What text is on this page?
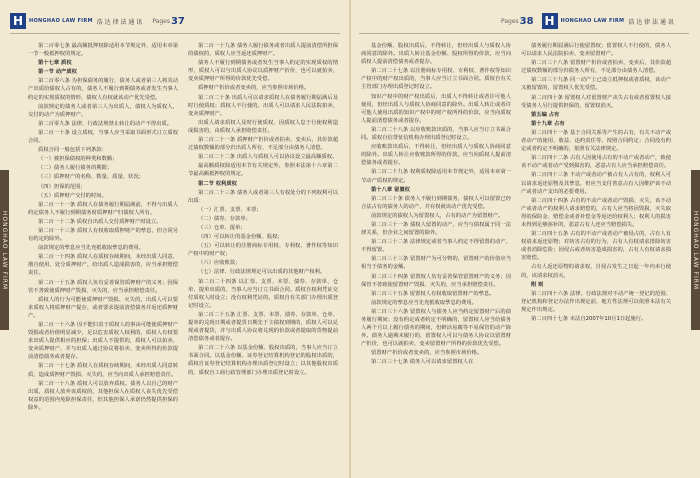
H	HONGHAO LAW FIRM 浩 达 律 法 通 讯 Pages 37
HONGHAO LAW FIRM

第二百零七条 最高额抵押权除适用本节规定外，适用本章第一节一般抵押权的规定。

第十七章 质权

第一节 动产质权

第二百零八条 为担保债务的履行，债务人或者第三人将其动产出质给债权人占有的，债务人不履行到期债务或者发生当事人约定的实现质权的情形，债权人有权就该动产优先受偿。

前款规定的债务人或者第三人为出质人，债权人为质权人，交付的动产为质押财产。

第二百零九条 法律、行政法规禁止转让的动产不得出质。

第二百一十条 设立质权，当事人应当采取书面形式订立质权合同。

质权合同一般包括下列条款：

（一）被担保债权的种类和数额；

（二）债务人履行债务的期限；

（三）质押财产的名称、数量、质量、状况；

（四）担保的范围；

（五）质押财产交付的时间。

第二百一十一条 质权人在债务履行期届满前，不得与出质人约定债务人不履行到期债务时质押财产归债权人所有。

第二百一十二条 质权自出质人交付质押财产时设立。

第二百一十三条 质权人有权收取质押财产的孳息，但合同另有约定的除外。

前款规定的孳息应当先充抵收取孳息的费用。

第二百一十四条 质权人在质权存续期间，未经出质人同意，擅自使用、处分质押财产，给出质人造成损害的，应当承担赔偿责任。

第二百一十五条 质权人负有妥善保管质押财产的义务；因保管不善致使质押财产毁损、灭失的，应当承担赔偿责任。

质权人的行为可能使质押财产毁损、灭失的，出质人可以要求质权人将质押财产提存，或者要求提前清偿债务并返还质押财产。

第二百一十六条 因不能归责于质权人的事由可能使质押财产毁损或者价值明显减少，足以危害质权人权利的，质权人有权要求出质人提供相应的担保；出质人不提供的，质权人可以拍卖、变卖质押财产，并与出质人通过协议将拍卖、变卖所得的价款提前清偿债务或者提存。

第二百一十七条 质权人在质权存续期间，未经出质人同意转质，造成质押财产毁损、灭失的，应当向出质人承担赔偿责任。

第二百一十八条 质权人可以放弃质权。债务人以自己的财产出质，质权人放弃该质权的，其他担保人在质权人丧失优先受偿权益的范围内免除担保责任，但其他担保人承诺仍然提供担保的除外。

第二百一十九条 债务人履行债务或者出质人提前清偿所担保的债权的，质权人应当返还质押财产。

债务人不履行到期债务或者发生当事人约定的实现质权的情形，质权人可以与出质人协议以质押财产折价，也可以就拍卖、变卖质押财产所得的价款优先受偿。

质押财产折价或者变卖的，应当参照市场价格。

第二百二十条 出质人可以请求质权人在债务履行期届满后及时行使质权；质权人不行使的，出质人可以请求人民法院拍卖、变卖质押财产。

出质人请求质权人及时行使质权，因质权人怠于行使权利造成损害的，由质权人承担赔偿责任。

第二百二十一条 质押财产折价或者拍卖、变卖后，其价款超过债权数额的部分归出质人所有，不足部分由债务人清偿。

第二百二十二条 出质人与质权人可以协议设立最高额质权。

最高额质权除适用本节有关规定外，参照本法第十六章第二节最高额抵押权的规定。

第二节 权利质权

第二百二十三条 债务人或者第三人有权处分的下列权利可以出质：

（一）汇票、支票、本票；

（二）债券、存款单；

（三）仓单、提单；

（四）可以转让的基金份额、股权；

（五）可以转让的注册商标专用权、专利权、著作权等知识产权中的财产权；

（六）应收账款；

（七）法律、行政法规规定可以出质的其他财产权利。

第二百二十四条 以汇票、支票、本票、债券、存款单、仓单、提单出质的，当事人应当订立书面合同。质权自权利凭证交付质权人时设立；没有权利凭证的，质权自有关部门办理出质登记时设立。

第二百二十五条 汇票、支票、本票、债券、存款单、仓单、提单的兑现日期或者提货日期先于主债权到期的，质权人可以兑现或者提货，并与出质人协议将兑现的价款或者提取的货物提前清偿债务或者提存。

第二百二十六条 以基金份额、股权出质的，当事人应当订立书面合同。以基金份额、证券登记结算机构登记的股权出质的，质权自证券登记结算机构办理出质登记时设立；以其他股权出质的，质权自工商行政管理部门办理出质登记时设立。

Pages 38 H	HONGHAO LAW FIRM 浩 达 律 法 通 讯
HONGHAO LAW FIRM

基金份额、股权出质后，不得转让，但经出质人与质权人协商同意的除外。出质人转让基金份额、股权所得的价款，应当向质权人提前清偿债务或者提存。

第二百二十七条 以注册商标专用权、专利权、著作权等知识产权中的财产权出质的，当事人应当订立书面合同。质权自有关主管部门办理出质登记时设立。

知识产权中的财产权出质后，出质人不得转让或者许可他人使用，但经出质人与质权人协商同意的除外。出质人转让或者许可他人使用出质的知识产权中的财产权所得的价款，应当向质权人提前清偿债务或者提存。

第二百二十八条 以应收账款出质的，当事人应当订立书面合同。质权自信贷征信机构办理出质登记时设立。

应收账款出质后，不得转让，但经出质人与质权人协商同意的除外。出质人转让应收账款所得的价款，应当向质权人提前清偿债务或者提存。

第二百二十九条 权利质权除适用本节规定外，适用本章第一节动产质权的规定。

第十八章 留置权

第二百三十条 债务人不履行到期债务，债权人可以留置已经合法占有的债务人的动产，并有权就该动产优先受偿。

前款规定的债权人为留置权人，占有的动产为留置财产。

第二百三十一条 债权人留置的动产，应当与债权属于同一法律关系，但企业之间留置的除外。

第二百三十二条 法律规定或者当事人约定不得留置的动产，不得留置。

第二百三十三条 留置财产为可分物的，留置财产的价值应当相当于债务的金额。

第二百三十四条 留置权人负有妥善保管留置财产的义务；因保管不善致使留置财产毁损、灭失的，应当承担赔偿责任。

第二百三十五条 留置权人有权收取留置财产的孳息。

前款规定的孳息应当先充抵收取孳息的费用。

第二百三十六条 留置权人与债务人应当约定留置财产后的债务履行期间；没有约定或者约定不明确的，留置权人应当给债务人两个月以上履行债务的期间，但鲜活易腐等不易保管的动产除外。债务人逾期未履行的，留置权人可以与债务人协议以留置财产折价，也可以就拍卖、变卖留置财产所得的价款优先受偿。

留置财产折价或者变卖的，应当参照市场价格。

第二百三十七条 债务人可以请求留置权人在

债务履行期届满后行使留置权；留置权人不行使的，债务人可以请求人民法院拍卖、变卖留置财产。

第二百三十八条 留置财产折价或者拍卖、变卖后，其价款超过债权数额的部分归债务人所有，不足部分由债务人清偿。

第二百三十九条 同一动产上已设立抵押权或者质权，该动产又被留置的，留置权人优先受偿。

第二百四十条 留置权人对留置财产丧失占有或者留置权人接受债务人另行提供担保的，留置权消灭。

第五编 占有

第十九章 占有

第二百四十一条 基于合同关系等产生的占有，有关不动产或者动产的使用、收益、违约责任等，按照合同约定；合同没有约定或者约定不明确的，依照有关法律规定。

第二百四十二条 占有人因使用占有的不动产或者动产，致使该不动产或者动产受到损害的，恶意占有人应当承担赔偿责任。

第二百四十三条 不动产或者动产被占有人占有的，权利人可以请求返还原物及其孳息，但应当支付善意占有人因维护该不动产或者动产支出的必要费用。

第二百四十四条 占有的不动产或者动产毁损、灭失，该不动产或者动产的权利人请求赔偿的，占有人应当将因毁损、灭失取得的保险金、赔偿金或者补偿金等返还给权利人；权利人的损害未得到足够弥补的，恶意占有人还应当赔偿损失。

第二百四十五条 占有的不动产或者动产被侵占的，占有人有权请求返还原物；对妨害占有的行为，占有人有权请求排除妨害或者消除危险；因侵占或者妨害造成损害的，占有人有权请求损害赔偿。

占有人返还原物的请求权，自侵占发生之日起一年内未行使的，该请求权消灭。

附 则

第二百四十六条 法律、行政法规对不动产统一登记的范围、登记机构和登记办法作出规定前，地方性法规可以依照本法有关规定作出规定。

第二百四十七条 本法自2007年10月1日起施行。
